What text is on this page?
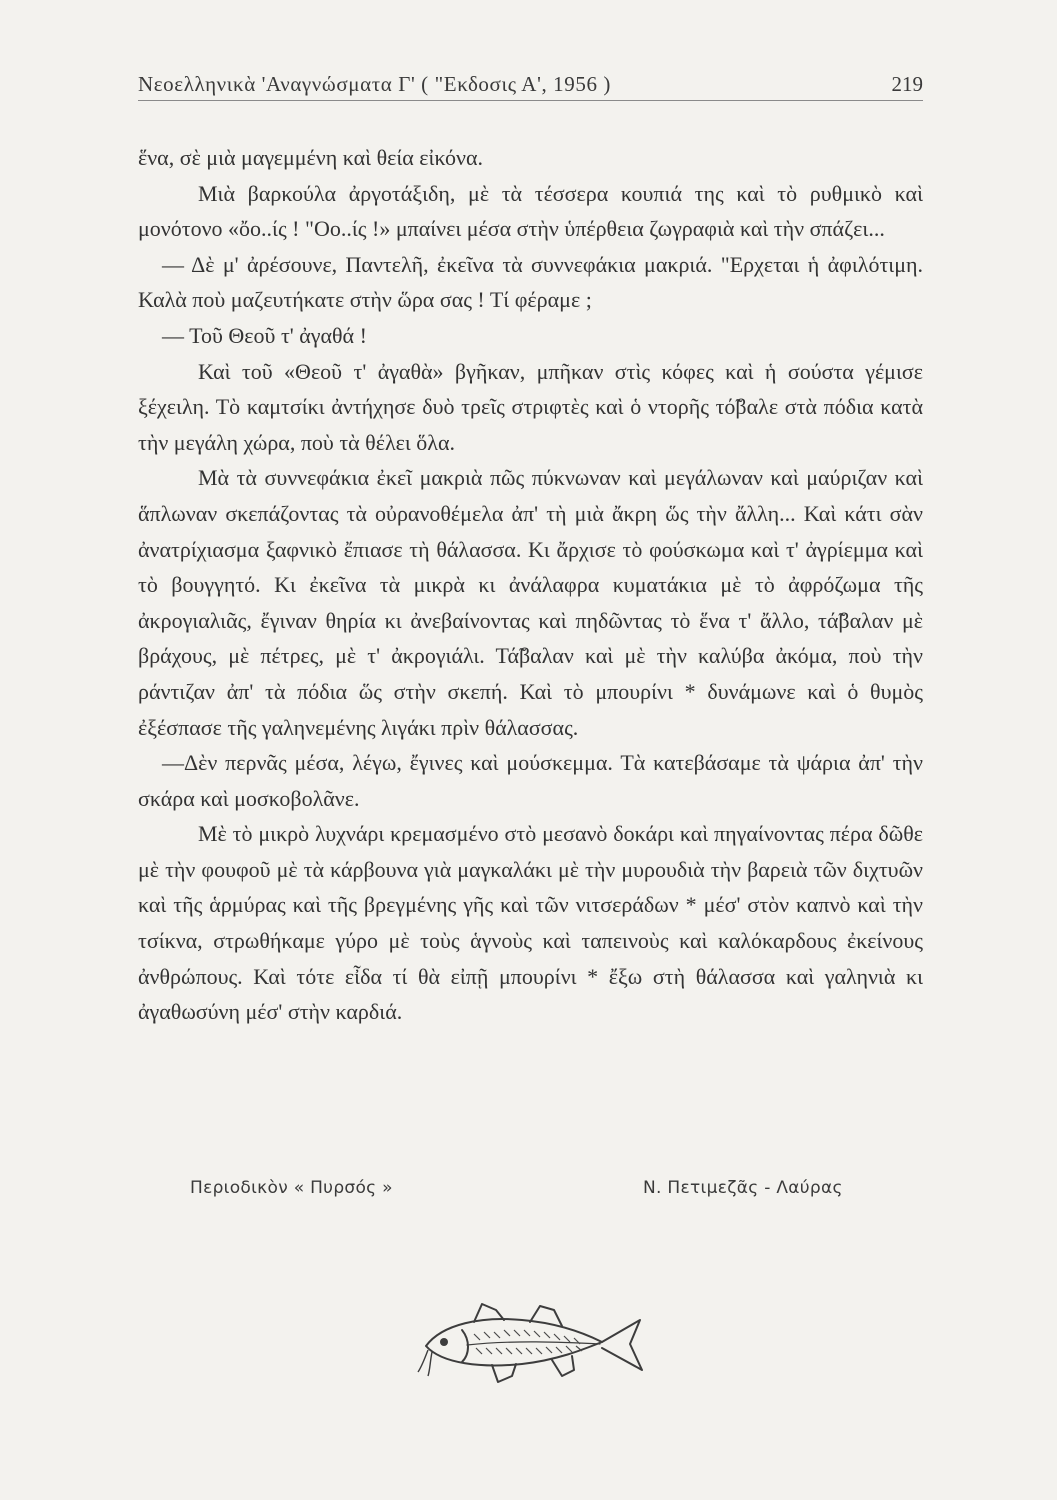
Νεοελληνικὰ 'Αναγνώσματα Γ' ( "Εκδοσις Α', 1956 )	219

ἕνα, σὲ μιὰ μαγεμμένη καὶ θεία εἰκόνα.

Μιὰ βαρκούλα ἀργοτάξιδη, μὲ τὰ τέσσερα κουπιά της καὶ τὸ ρυθμικὸ καὶ μονότονο «ὄο..ίς ! "Οο..ίς !» μπαίνει μέσα στὴν ὑπέρθεια ζωγραφιὰ καὶ τὴν σπάζει...

— Δὲ μ' ἀρέσουνε, Παντελῆ, ἐκεῖνα τὰ συννεφάκια μακριά. "Ερχεται ἡ ἀφιλότιμη. Καλὰ ποὺ μαζευτήκατε στὴν ὥρα σας ! Τί φέραμε ;

— Τοῦ Θεοῦ τ' ἀγαθά !

Καὶ τοῦ «Θεοῦ τ' ἀγαθὰ» βγῆκαν, μπῆκαν στὶς κόφες καὶ ἡ σούστα γέμισε ξέχειλη. Τὸ καμτσίκι ἀντήχησε δυὸ τρεῖς στριφτὲς καὶ ὁ ντορῆς τό̃βαλε στὰ πόδια κατὰ τὴν μεγάλη χώρα, ποὺ τὰ θέλει ὅλα.

Μὰ τὰ συννεφάκια ἐκεῖ μακριὰ πῶς πύκνωναν καὶ μεγάλωναν καὶ μαύριζαν καὶ ἅπλωναν σκεπάζοντας τὰ οὐρανοθέμελα ἀπ' τὴ μιὰ ἄκρη ὥς τὴν ἄλλη... Καὶ κάτι σὰν ἀνατρίχιασμα ξαφνικὸ ἔπιασε τὴ θάλασσα. Κι ἄρχισε τὸ φούσκωμα καὶ τ' ἀγρίεμμα καὶ τὸ βουγγητό. Κι ἐκεῖνα τὰ μικρὰ κι ἀνάλαφρα κυματάκια μὲ τὸ ἀφρόζωμα τῆς ἀκρογιαλιᾶς, ἔγιναν θηρία κι ἀνεβαίνοντας καὶ πηδῶντας τὸ ἕνα τ' ἄλλο, τά̃βαλαν μὲ βράχους, μὲ πέτρες, μὲ τ' ἀκρογιάλι. Τά̃βαλαν καὶ μὲ τὴν καλύβα ἀκόμα, ποὺ τὴν ράντιζαν ἀπ' τὰ πόδια ὥς στὴν σκεπή. Καὶ τὸ μπουρίνι * δυνάμωνε καὶ ὁ θυμὸς ἐξέσπασε τῆς γαληνεμένης λιγάκι πρὶν θάλασσας.

—Δὲν περνᾶς μέσα, λέγω, ἔγινες καὶ μούσκεμμα. Τὰ κατεβάσαμε τὰ ψάρια ἀπ' τὴν σκάρα καὶ μοσκοβολᾶνε.

Μὲ τὸ μικρὸ λυχνάρι κρεμασμένο στὸ μεσανὸ δοκάρι καὶ πηγαίνοντας πέρα δῶθε μὲ τὴν φουφοῦ μὲ τὰ κάρβουνα γιὰ μαγκαλάκι μὲ τὴν μυρουδιὰ τὴν βαρειὰ τῶν διχτυῶν καὶ τῆς ἁρμύρας καὶ τῆς βρεγμένης γῆς καὶ τῶν νιτσεράδων * μέσ' στὸν καπνὸ καὶ τὴν τσίκνα, στρωθήκαμε γύρο μὲ τοὺς ἁγνοὺς καὶ ταπεινοὺς καὶ καλόκαρδους ἐκείνους ἀνθρώπους. Καὶ τότε εἶδα τί θὰ εἰπῇ μπουρίνι * ἔξω στὴ θάλασσα καὶ γαληνιὰ κι ἀγαθωσύνη μέσ' στὴν καρδιά.

Περιοδικὸν « Πυρσός »	Ν. Πετιμεζᾶς - Λαύρας
